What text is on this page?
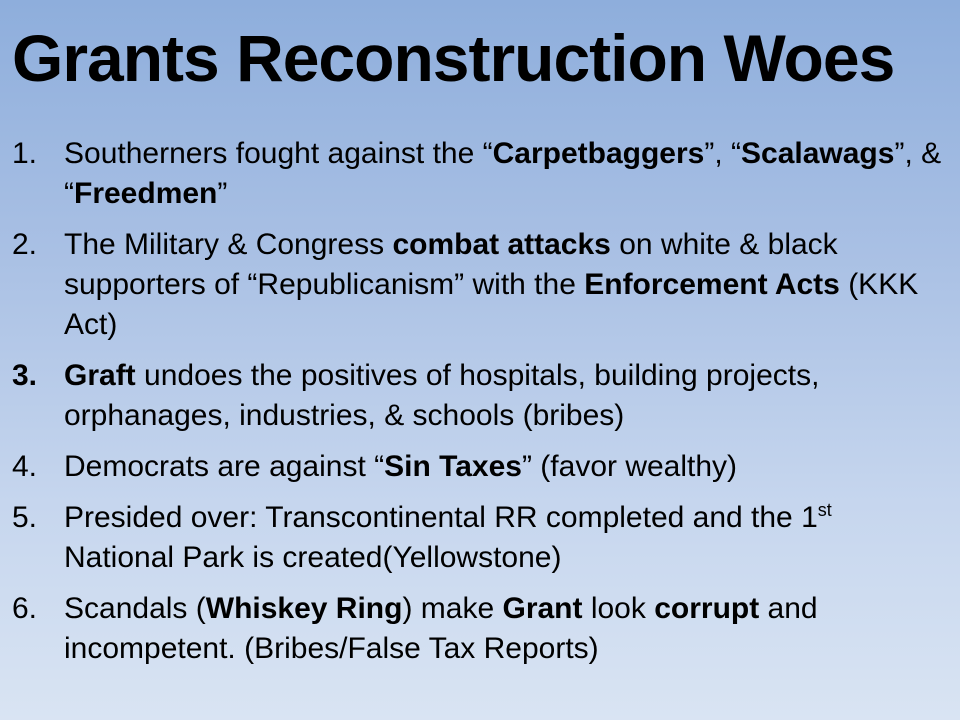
Grants Reconstruction Woes
1. Southerners fought against the “Carpetbaggers”, “Scalawags”, & “Freedmen”
2. The Military & Congress combat attacks on white & black supporters of “Republicanism” with the Enforcement Acts (KKK Act)
3. Graft undoes the positives of hospitals, building projects, orphanages, industries, & schools (bribes)
4. Democrats are against “Sin Taxes” (favor wealthy)
5. Presided over: Transcontinental RR completed and the 1st National Park is created(Yellowstone)
6. Scandals (Whiskey Ring) make Grant look corrupt and incompetent. (Bribes/False Tax Reports)
